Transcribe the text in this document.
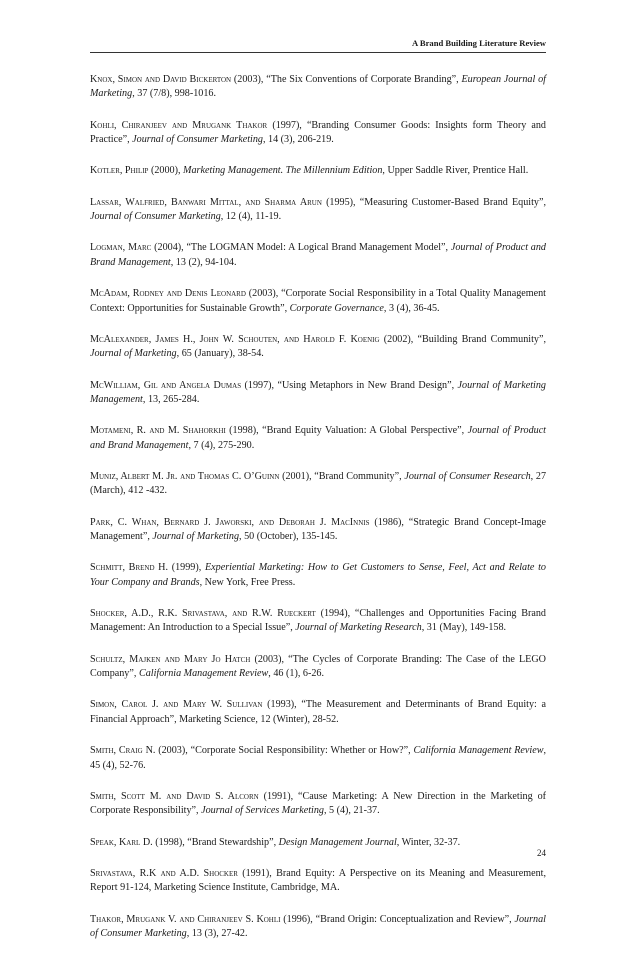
A Brand Building Literature Review

Knox, Simon and David Bickerton (2003), “The Six Conventions of Corporate Branding”, European Journal of Marketing, 37 (7/8), 998-1016.

Kohli, Chiranjeev and Mrugank Thakor (1997), “Branding Consumer Goods: Insights form Theory and Practice”, Journal of Consumer Marketing, 14 (3), 206-219.

Kotler, Philip (2000), Marketing Management. The Millennium Edition, Upper Saddle River, Prentice Hall.

Lassar, Walfried, Banwari Mittal, and Sharma Arun (1995), “Measuring Customer-Based Brand Equity”, Journal of Consumer Marketing, 12 (4), 11-19.

Logman, Marc (2004), “The LOGMAN Model: A Logical Brand Management Model”, Journal of Product and Brand Management, 13 (2), 94-104.

McAdam, Rodney and Denis Leonard (2003), “Corporate Social Responsibility in a Total Quality Management Context: Opportunities for Sustainable Growth”, Corporate Governance, 3 (4), 36-45.

McAlexander, James H., John W. Schouten, and Harold F. Koenig (2002), “Building Brand Community”, Journal of Marketing, 65 (January), 38-54.

McWilliam, Gil and Angela Dumas (1997), “Using Metaphors in New Brand Design”, Journal of Marketing Management, 13, 265-284.

Motameni, R. and M. Shahorkhi (1998), “Brand Equity Valuation: A Global Perspective”, Journal of Product and Brand Management, 7 (4), 275-290.

Muniz, Albert M. Jr. and Thomas C. O’Guinn (2001), “Brand Community”, Journal of Consumer Research, 27 (March), 412 -432.

Park, C. Whan, Bernard J. Jaworski, and Deborah J. MacInnis (1986), “Strategic Brand Concept-Image Management”, Journal of Marketing, 50 (October), 135-145.

Schmitt, Brend H. (1999), Experiential Marketing: How to Get Customers to Sense, Feel, Act and Relate to Your Company and Brands, New York, Free Press.

Shocker, A.D., R.K. Srivastava, and R.W. Rueckert (1994), “Challenges and Opportunities Facing Brand Management: An Introduction to a Special Issue”, Journal of Marketing Research, 31 (May), 149-158.

Schultz, Majken and Mary Jo Hatch (2003), “The Cycles of Corporate Branding: The Case of the LEGO Company”, California Management Review, 46 (1), 6-26.

Simon, Carol J. and Mary W. Sullivan (1993), “The Measurement and Determinants of Brand Equity: a Financial Approach”, Marketing Science, 12 (Winter), 28-52.

Smith, Craig N. (2003), “Corporate Social Responsibility: Whether or How?”, California Management Review, 45 (4), 52-76.

Smith, Scott M. and David S. Alcorn (1991), “Cause Marketing: A New Direction in the Marketing of Corporate Responsibility”, Journal of Services Marketing, 5 (4), 21-37.

Speak, Karl D. (1998), “Brand Stewardship”, Design Management Journal, Winter, 32-37.

Srivastava, R.K and A.D. Shocker (1991), Brand Equity: A Perspective on its Meaning and Measurement, Report 91-124, Marketing Science Institute, Cambridge, MA.

Thakor, Mrugank V. and Chiranjeev S. Kohli (1996), “Brand Origin: Conceptualization and Review”, Journal of Consumer Marketing, 13 (3), 27-42.

24
